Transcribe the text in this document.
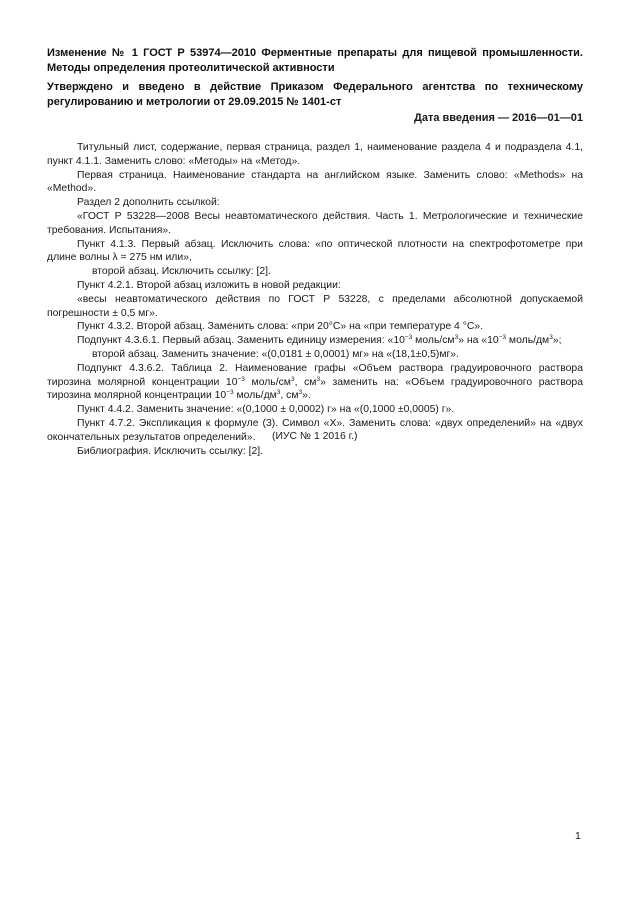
Изменение № 1 ГОСТ Р 53974—2010 Ферментные препараты для пищевой промышленности. Методы определения протеолитической активности
Утверждено и введено в действие Приказом Федерального агентства по техническому регулированию и метрологии от 29.09.2015 № 1401-ст
Дата введения — 2016—01—01

Титульный лист, содержание, первая страница, раздел 1, наименование раздела 4 и подраздела 4.1, пункт 4.1.1. Заменить слово: «Методы» на «Метод».

Первая страница. Наименование стандарта на английском языке. Заменить слово: «Methods» на «Method».

Раздел 2 дополнить ссылкой:

«ГОСТ Р 53228—2008 Весы неавтоматического действия. Часть 1. Метрологические и технические требования. Испытания».

Пункт 4.1.3. Первый абзац. Исключить слова: «по оптической плотности на спектрофотометре при длине волны λ = 275 нм или»,

второй абзац. Исключить ссылку: [2].

Пункт 4.2.1. Второй абзац изложить в новой редакции:

«весы неавтоматического действия по ГОСТ Р 53228, с пределами абсолютной допускаемой погрешности ± 0,5 мг».

Пункт 4.3.2. Второй абзац. Заменить слова: «при 20°С» на «при температуре 4 °С».

Подпункт 4.3.6.1. Первый абзац. Заменить единицу измерения: «$10^{-3}$ моль/$см^3$» на «$10^{-3}$ моль/$дм^3$»;

второй абзац. Заменить значение: «(0,0181 ± 0,0001) мг» на «(18,1±0,5)мг».

Подпункт 4.3.6.2. Таблица 2. Наименование графы «Объем раствора градуировочного раствора тирозина молярной концентрации $10^{-3}$ моль/$см^3$, $см^3$» заменить на: «Объем градуировочного раствора тирозина молярной концентрации $10^{-3}$ моль/$дм^3$, $см^3$».

Пункт 4.4.2. Заменить значение: «(0,1000 ± 0,0002) г» на «(0,1000 ±0,0005) г».

Пункт 4.7.2. Экспликация к формуле (3). Символ «X». Заменить слова: «двух определений» на «двух окончательных результатов определений».

Библиография. Исключить ссылку: [2].

(ИУС № 1 2016 г.)
1
